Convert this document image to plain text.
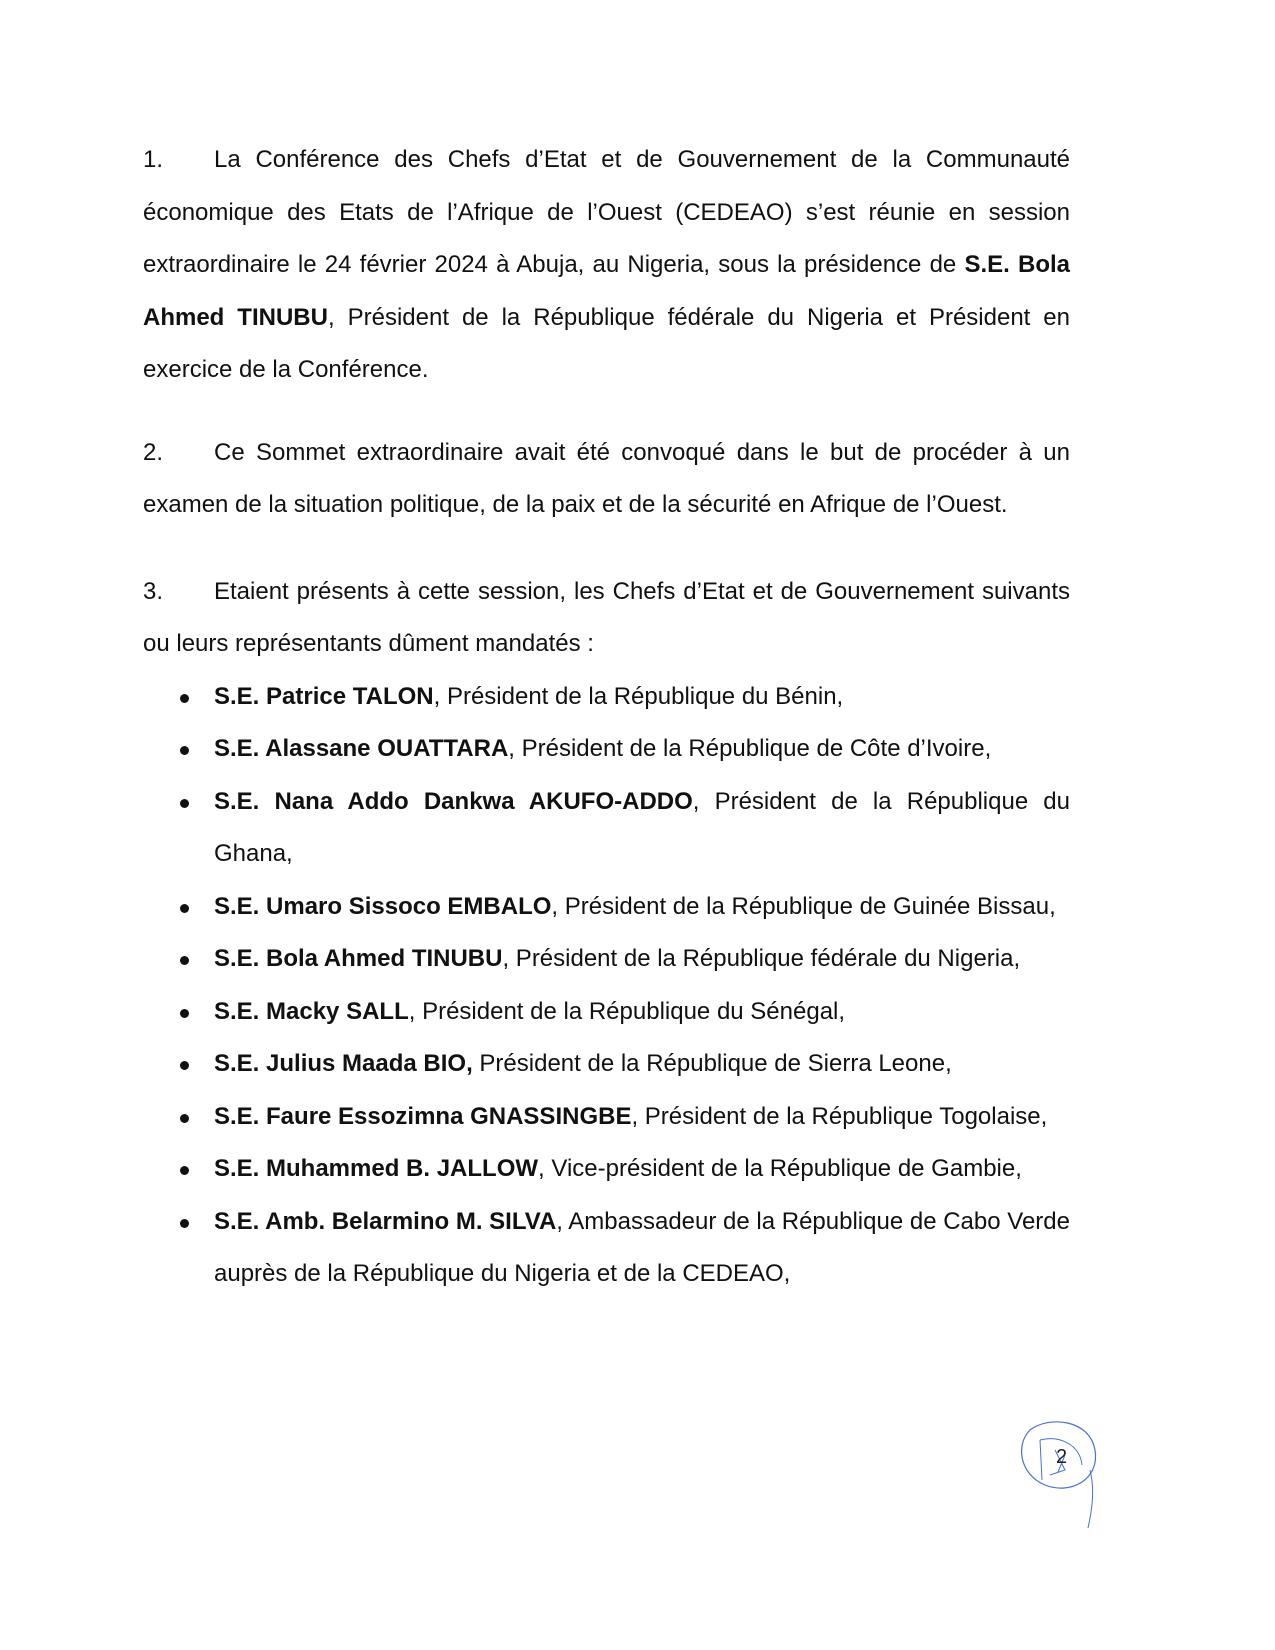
1. La Conférence des Chefs d’Etat et de Gouvernement de la Communauté économique des Etats de l’Afrique de l’Ouest (CEDEAO) s’est réunie en session extraordinaire le 24 février 2024 à Abuja, au Nigeria, sous la présidence de S.E. Bola Ahmed TINUBU, Président de la République fédérale du Nigeria et Président en exercice de la Conférence.

2. Ce Sommet extraordinaire avait été convoqué dans le but de procéder à un examen de la situation politique, de la paix et de la sécurité en Afrique de l’Ouest.

3. Etaient présents à cette session, les Chefs d’Etat et de Gouvernement suivants ou leurs représentants dûment mandatés :

S.E. Patrice TALON, Président de la République du Bénin,
S.E. Alassane OUATTARA, Président de la République de Côte d’Ivoire,
S.E. Nana Addo Dankwa AKUFO-ADDO, Président de la République du Ghana,
S.E. Umaro Sissoco EMBALO, Président de la République de Guinée Bissau,
S.E. Bola Ahmed TINUBU, Président de la République fédérale du Nigeria,
S.E. Macky SALL, Président de la République du Sénégal,
S.E. Julius Maada BIO, Président de la République de Sierra Leone,
S.E. Faure Essozimna GNASSINGBE, Président de la République Togolaise,
S.E. Muhammed B. JALLOW, Vice-président de la République de Gambie,
S.E. Amb. Belarmino M. SILVA, Ambassadeur de la République de Cabo Verde auprès de la République du Nigeria et de la CEDEAO,
2
